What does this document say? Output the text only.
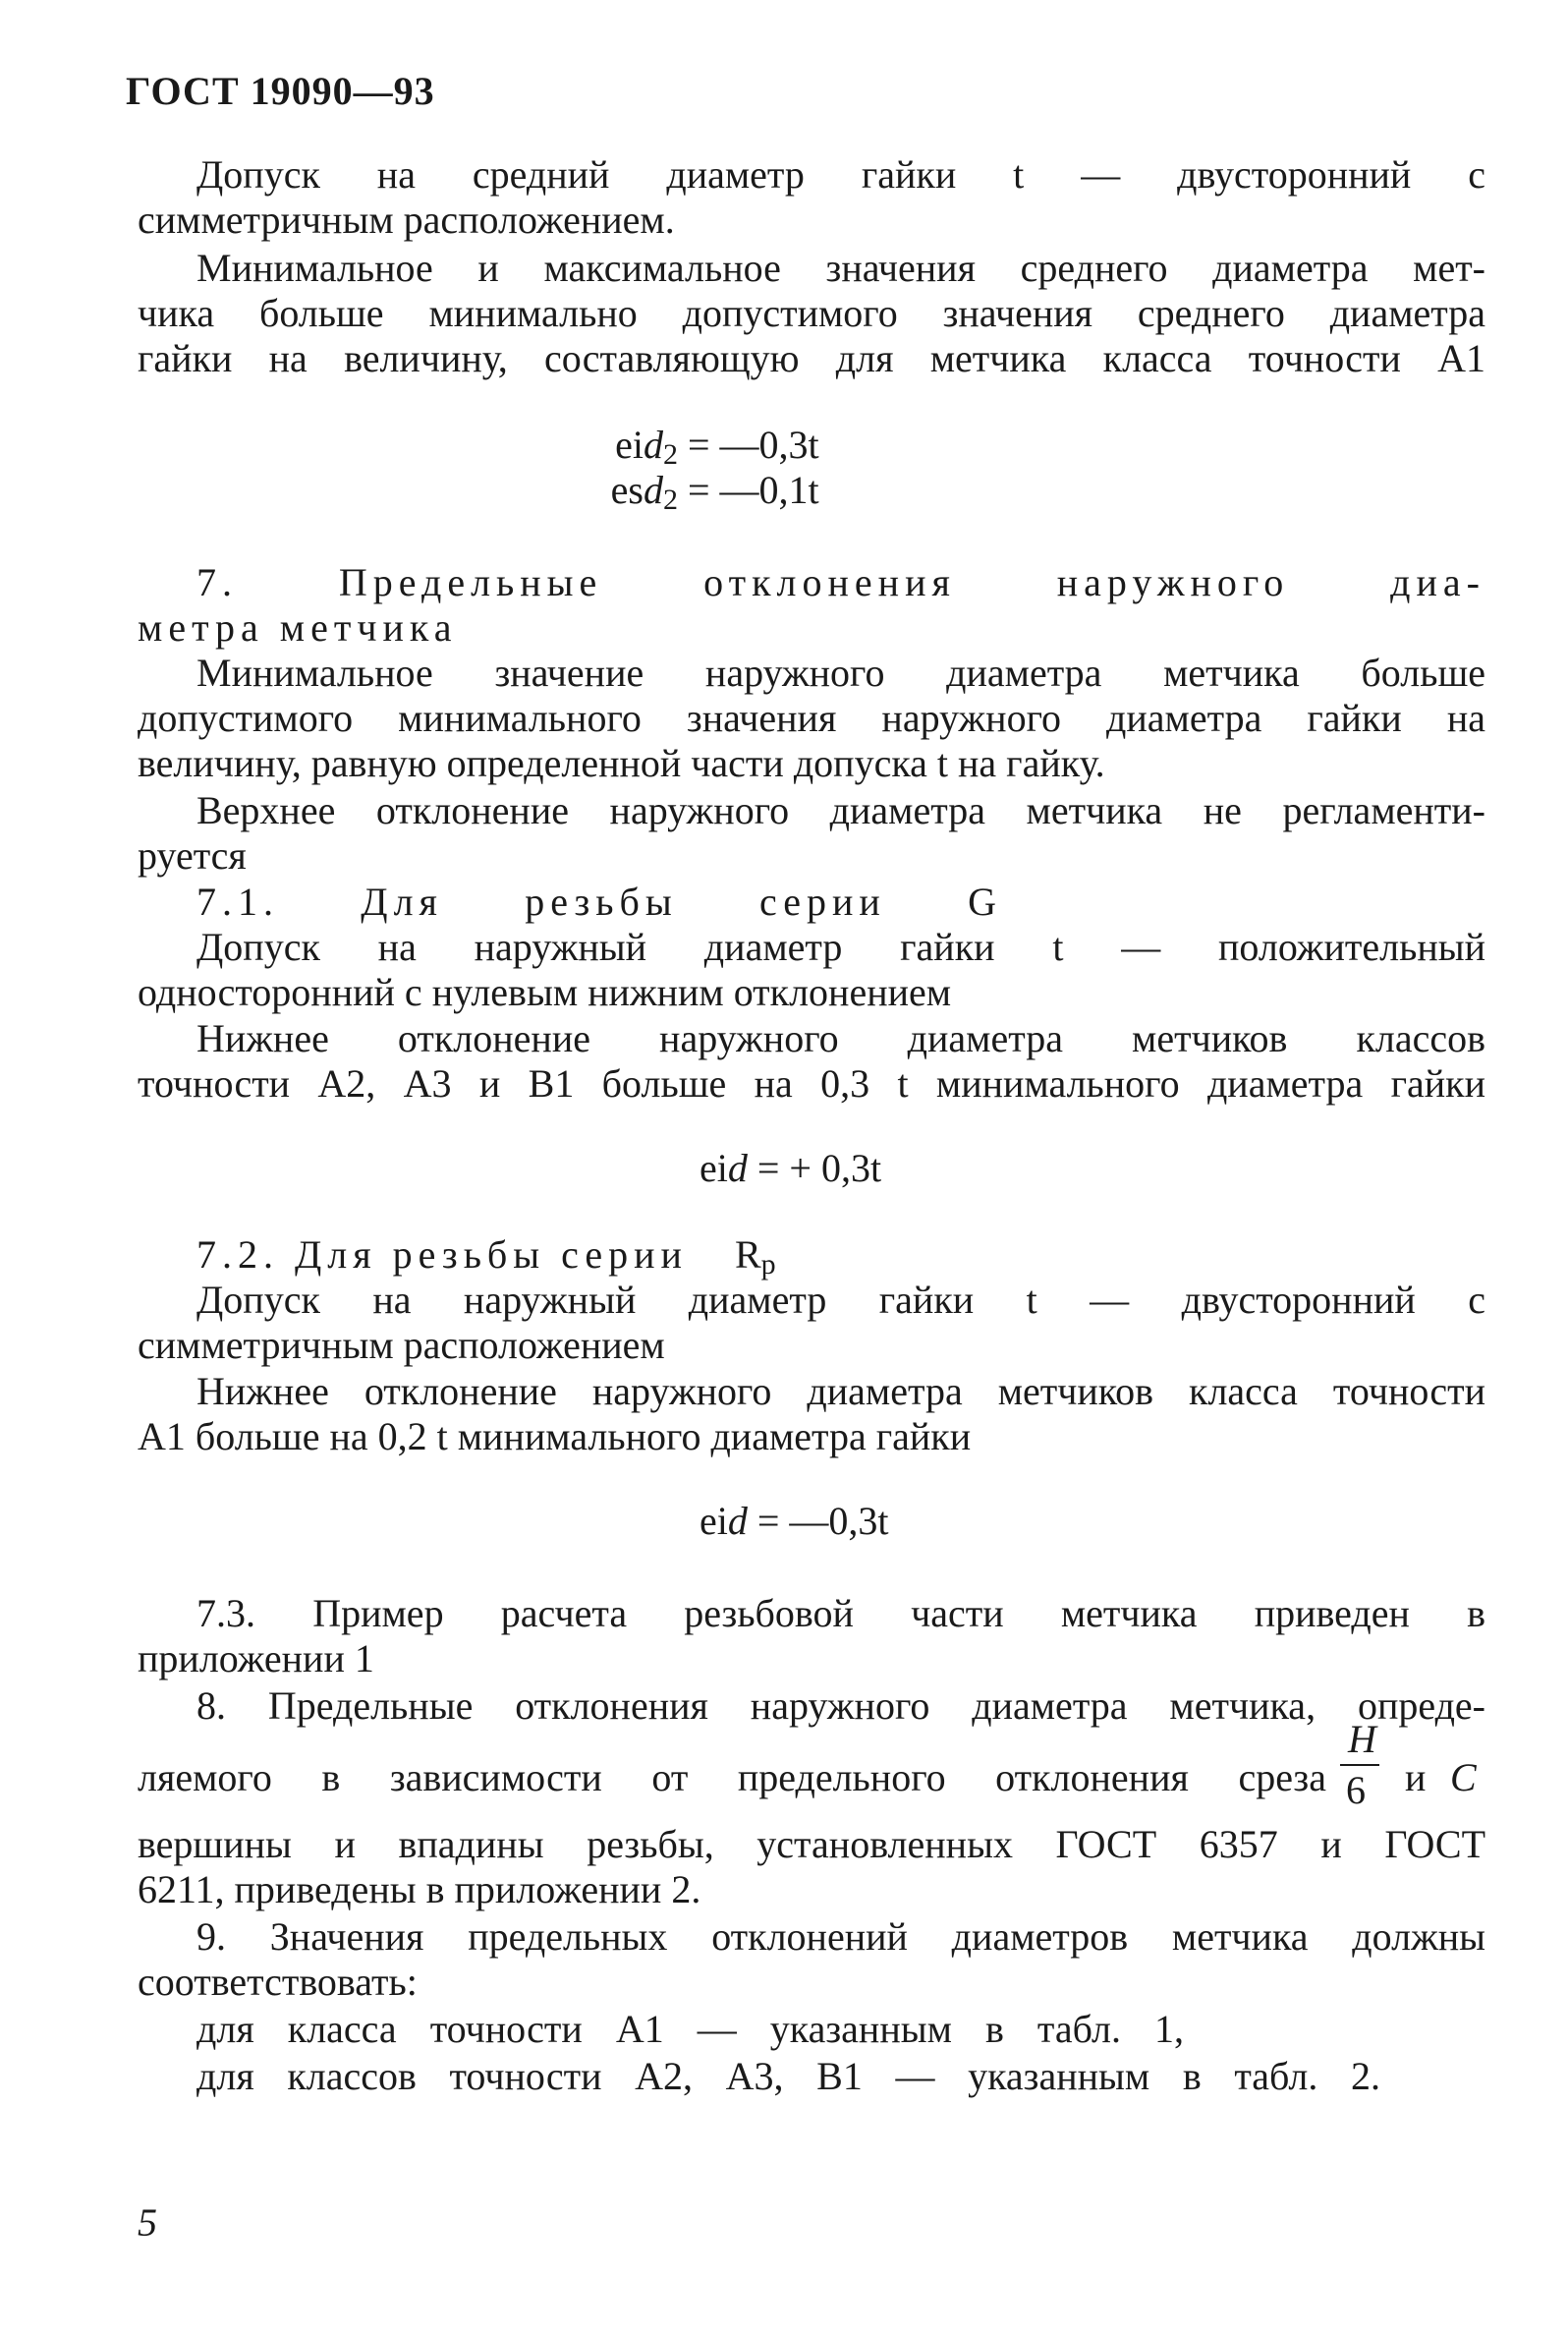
ГОСТ 19090—93
Допуск на средний диаметр гайки t — двусторонний с
симметричным расположением.
Минимальное и максимальное значения среднего диаметра мет-
чика больше минимально допустимого значения среднего диаметра
гайки на величину, составляющую для метчика класса точности А1
eid$_2$ = —0,3t
esd$_2$ = —0,1t
7. Предельные отклонения наружного диа-
метра метчика
Минимальное значение наружного диаметра метчика больше
допустимого минимального значения наружного диаметра гайки на
величину, равную определенной части допуска t на гайку.
Верхнее отклонение наружного диаметра метчика не регламенти-
руется
7.1. Для резьбы серии G
Допуск на наружный диаметр гайки t — положительный
односторонний с нулевым нижним отклонением
Нижнее отклонение наружного диаметра метчиков классов
точности А2, А3 и В1 больше на 0,3 t минимального диаметра гайки
eid = + 0,3t
7.2. Для резьбы серии $R_p$
Допуск на наружный диаметр гайки t — двусторонний с
симметричным расположением
Нижнее отклонение наружного диаметра метчиков класса точности
А1 больше на 0,2 t минимального диаметра гайки
eid = —0,3t
7.3. Пример расчета резьбовой части метчика приведен в
приложении 1
8. Предельные отклонения наружного диаметра метчика, опреде-
ляемого в зависимости от предельного отклонения среза
H
6 и C
вершины и впадины резьбы, установленных ГОСТ 6357 и ГОСТ
6211, приведены в приложении 2.
9. Значения предельных отклонений диаметров метчика должны
соответствовать:
для класса точности А1 — указанным в табл. 1,
для классов точности А2, А3, В1 — указанным в табл. 2.
5
